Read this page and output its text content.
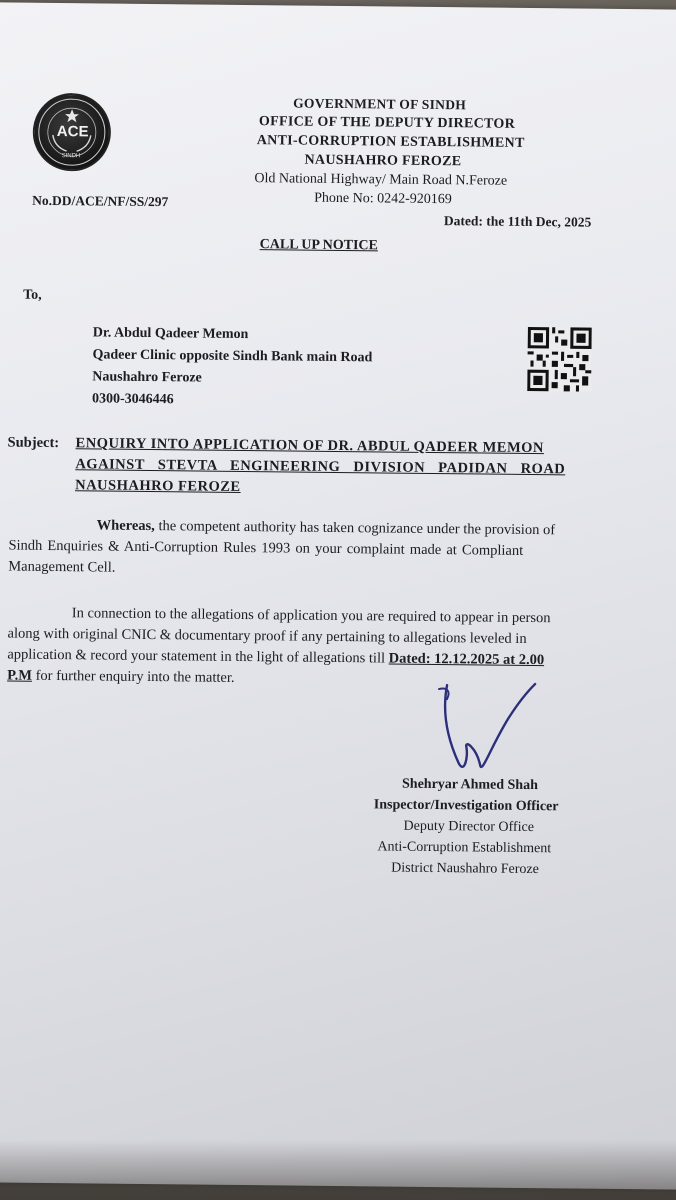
ACE
SINDH
GOVERNMENT OF SINDH
OFFICE OF THE DEPUTY DIRECTOR
ANTI-CORRUPTION ESTABLISHMENT
NAUSHAHRO FEROZE
Old National Highway/ Main Road N.Feroze
Phone No: 0242-920169
No.DD/ACE/NF/SS/297
Dated: the 11th Dec, 2025
CALL UP NOTICE
To,
Dr. Abdul Qadeer Memon
Qadeer Clinic opposite Sindh Bank main Road
Naushahro Feroze
0300-3046446
Subject: ENQUIRY INTO APPLICATION OF DR. ABDUL QADEER MEMON
AGAINST STEVTA ENGINEERING DIVISION PADIDAN ROAD
NAUSHAHRO FEROZE
Whereas, the competent authority has taken cognizance under the provision of
Sindh Enquiries & Anti-Corruption Rules 1993 on your complaint made at Compliant
Management Cell.
In connection to the allegations of application you are required to appear in person
along with original CNIC & documentary proof if any pertaining to allegations leveled in
application & record your statement in the light of allegations till Dated: 12.12.2025 at 2.00
P.M for further enquiry into the matter.
Shehryar Ahmed Shah
Inspector/Investigation Officer
Deputy Director Office
Anti-Corruption Establishment
District Naushahro Feroze
